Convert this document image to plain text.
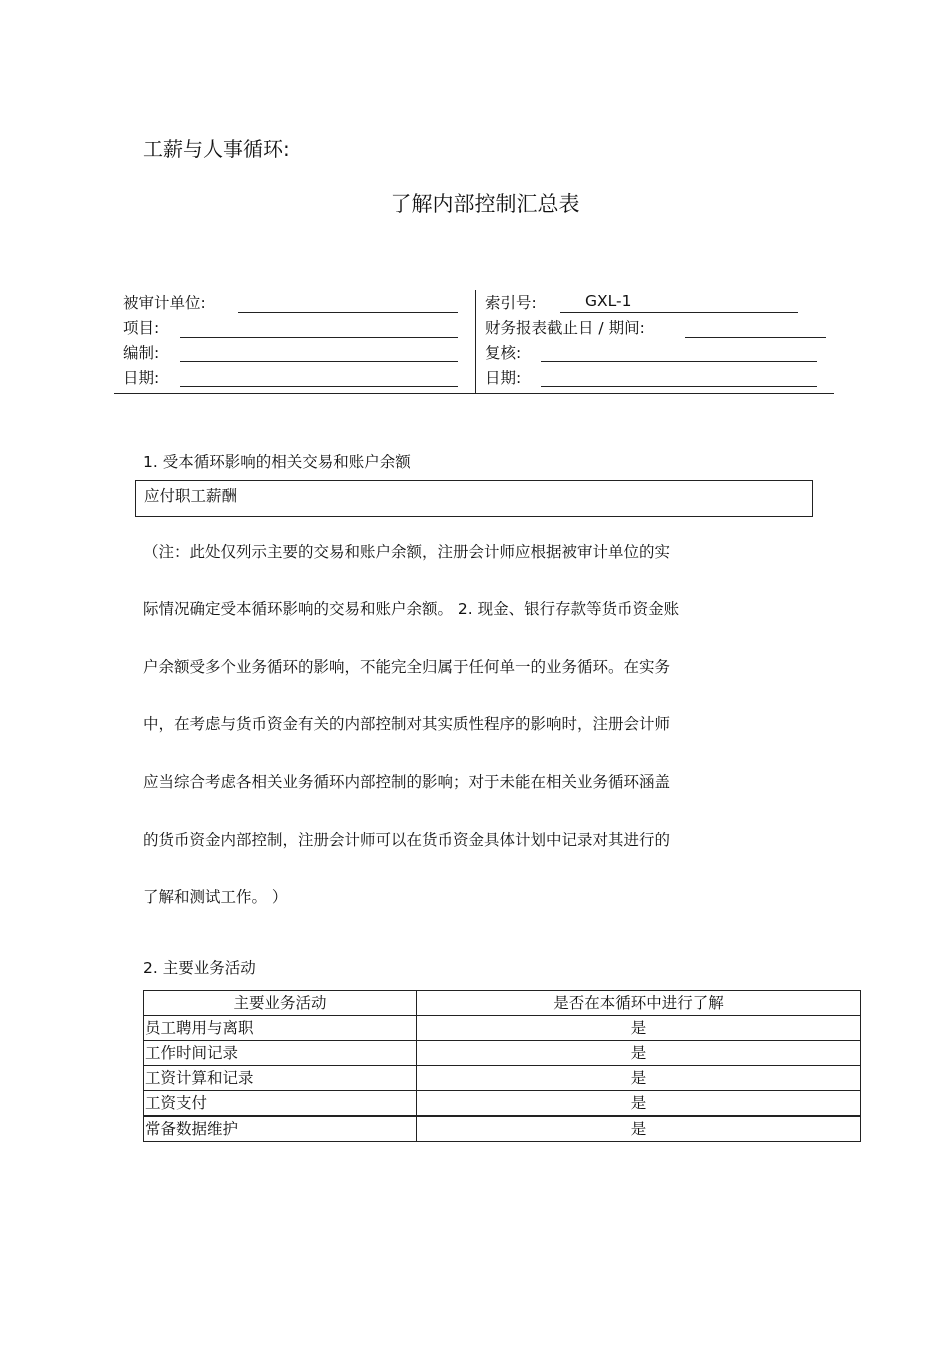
工薪与人事循环:
了解内部控制汇总表
被审计单位:
项目:
编制:
日期:
索引号:	GXL-1
财务报表截止日 / 期间:
复核:
日期:
1. 受本循环影响的相关交易和账户余额
应付职工薪酬
（注：此处仅列示主要的交易和账户余额，注册会计师应根据被审计单位的实
际情况确定受本循环影响的交易和账户余额。 2. 现金、银行存款等货币资金账
户余额受多个业务循环的影响，不能完全归属于任何单一的业务循环。在实务
中，在考虑与货币资金有关的内部控制对其实质性程序的影响时，注册会计师
应当综合考虑各相关业务循环内部控制的影响；对于未能在相关业务循环涵盖
的货币资金内部控制，注册会计师可以在货币资金具体计划中记录对其进行的
了解和测试工作。 ）
2. 主要业务活动
主要业务活动	是否在本循环中进行了解
员工聘用与离职	是
工作时间记录	是
工资计算和记录	是
工资支付	是
常备数据维护	是
